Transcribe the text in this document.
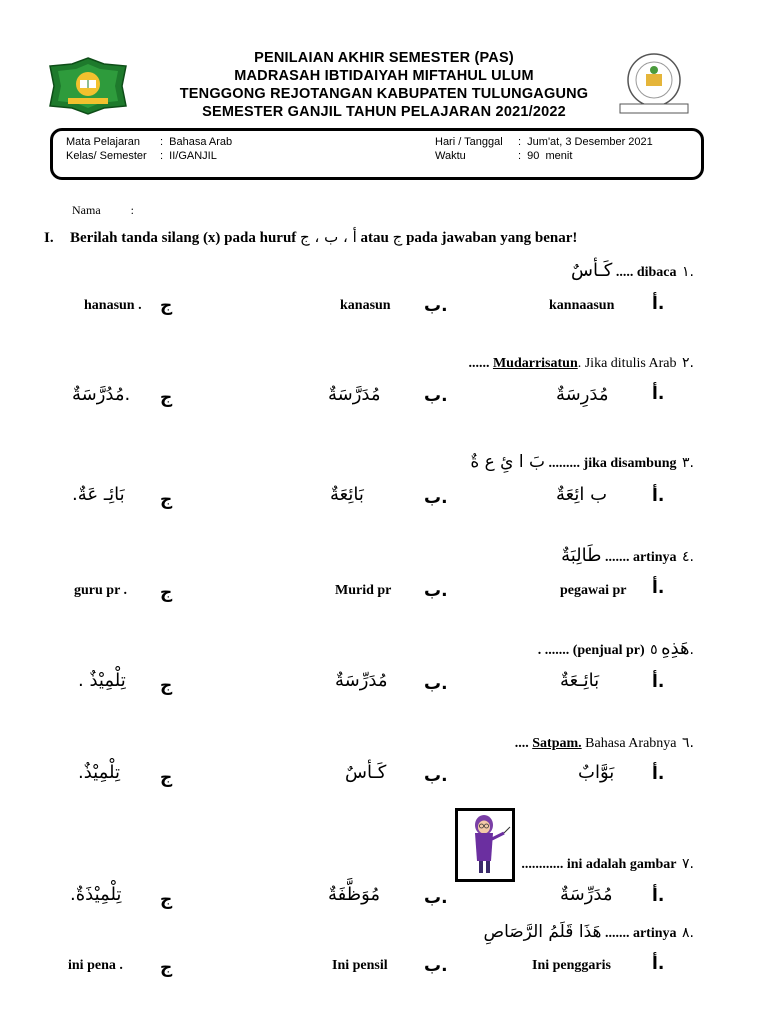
PENILAIAN AKHIR SEMESTER (PAS)
MADRASAH IBTIDAIYAH MIFTAHUL ULUM
TENGGONG REJOTANGAN KABUPATEN TULUNGAGUNG
SEMESTER GANJIL TAHUN PELAJARAN 2021/2022
Mata Pelajaran :  Bahasa Arab
Kelas/ Semester :  II/GANJIL
Hari / Tanggal :  Jum'at, 3 Desember 2021
Waktu	:  90  menit
Nama          :
I. Berilah tanda silang (x) pada huruf أ ، ب ، ج atau ج pada jawaban yang benar!
كَـأسٌ ..... dibaca ١.
أ.
kannaasun
ب.
kanasun
ج
hanasun .
...... Mudarrisatun. Jika ditulis Arab ٢.
أ.
مُدَرِسَةٌ
ب.
مُدَرَّسَةٌ
ج
مُدُرَّسَةٌ.
بَ ا ئِ ع ةٌ ......... jika disambung ٣.
أ.
ب ائِعَةٌ
ب.
بَائِعَةٌ
ج
.بَائِـ عَةٌ
طَالِبَةٌ ....... artinya ٤.
أ.
pegawai pr
ب.
Murid pr
ج
guru pr .
. ....... (penjual pr) هَذِهِ ٥.
أ.
بَائِـعَةٌ
ب.
مُدَرِّسَةٌ
ج
. تِلْمِيْذٌ
.... Satpam. Bahasa Arabnya ٦.
أ.
بَوَّابٌ
ب.
كَـأسٌ
ج
.تِلْمِيْذٌ
............ ini adalah gambar ٧.
أ.
مُدَرِّسَةٌ
ب.
مُوَظَّفَةٌ
ج
.تِلْمِيْذَةٌ
هَذَا قَلَمُ الرَّصَاصِ ....... artinya ٨.
أ.
Ini penggaris
ب.
Ini pensil
ج
ini pena .
